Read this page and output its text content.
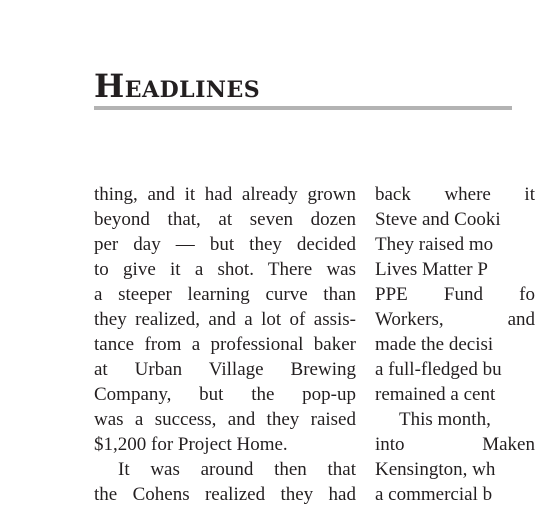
Headlines
thing, and it had already grown
beyond that, at seven dozen
per day — but they decided
to give it a shot. There was
a steeper learning curve than
they realized, and a lot of assis-
tance from a professional baker
at Urban Village Brewing
Company, but the pop-up
was a success, and they raised
$1,200 for Project Home.
It was around then that
the Cohens realized they had
back where it
Steve and Cooki
They raised mo
Lives Matter P
PPE Fund fo
Workers, and
made the decisi
a full-fledged bu
remained a cent
This month,
into Maken
Kensington, wh
a commercial b
